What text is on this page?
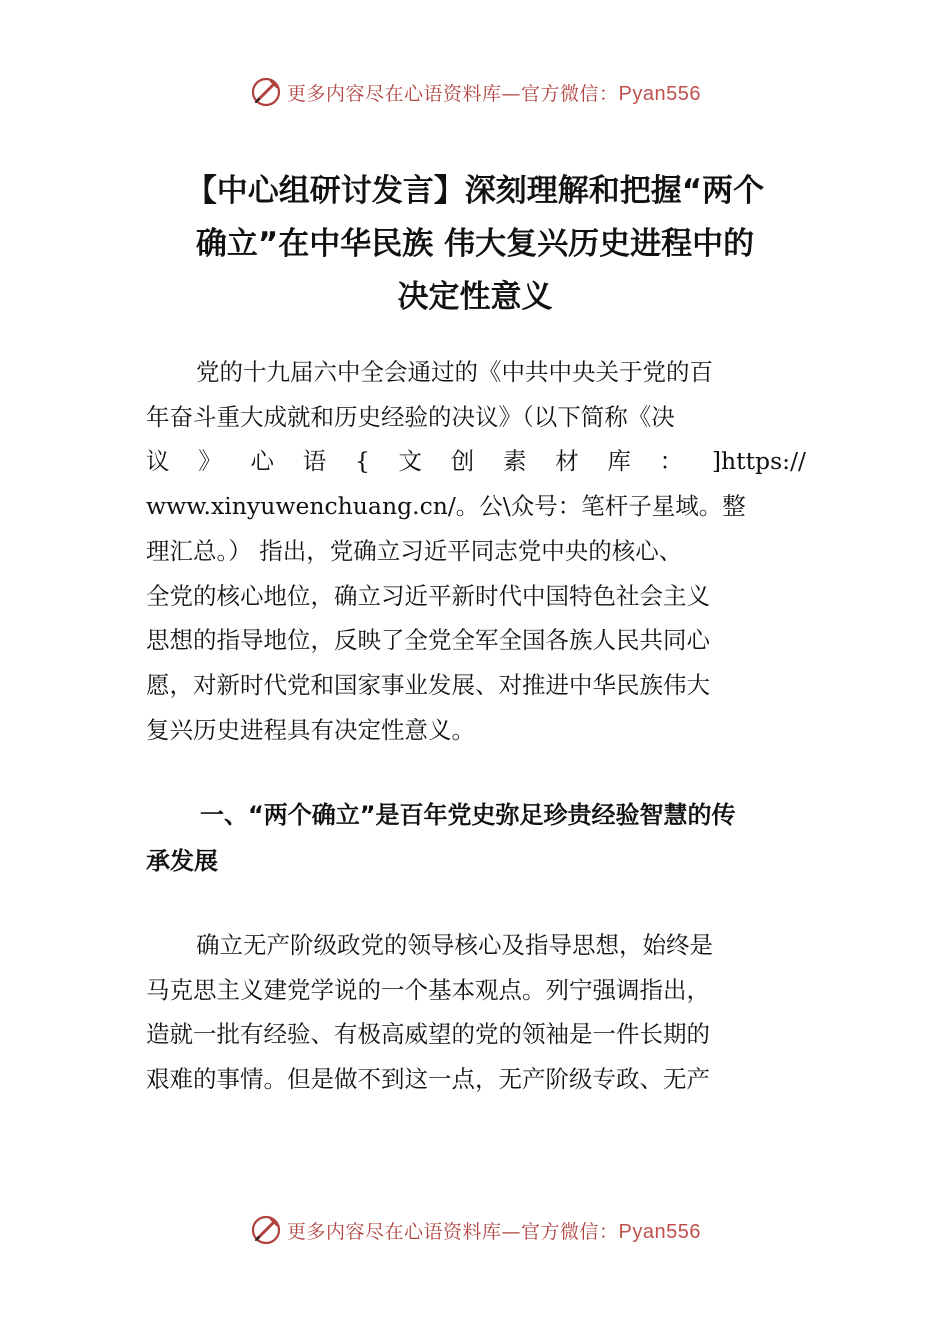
更多内容尽在心语资料库—官方微信：Pyan556
【中心组研讨发言】深刻理解和把握“两个
确立”在中华民族 伟大复兴历史进程中的
决定性意义
党的十九届六中全会通过的《中共中央关于党的百
年奋斗重大成就和历史经验的决议》（以下简称《决
议 》 心 语 { 文 创 素 材 库 ： ]https://
www.xinyuwenchuang.cn/。公\众号：笔杆子星域。整
理汇总。） 指出，党确立习近平同志党中央的核心、
全党的核心地位，确立习近平新时代中国特色社会主义
思想的指导地位，反映了全党全军全国各族人民共同心
愿，对新时代党和国家事业发展、对推进中华民族伟大
复兴历史进程具有决定性意义。
一、“两个确立”是百年党史弥足珍贵经验智慧的传
承发展
确立无产阶级政党的领导核心及指导思想，始终是
马克思主义建党学说的一个基本观点。列宁强调指出，
造就一批有经验、有极高威望的党的领袖是一件长期的
艰难的事情。但是做不到这一点，无产阶级专政、无产
更多内容尽在心语资料库—官方微信：Pyan556
